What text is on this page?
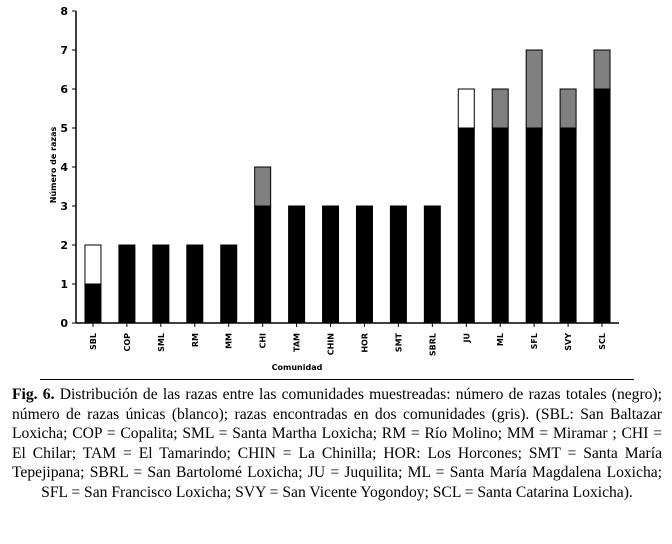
0
1
2
3
4
5
6
7
8
SBL	COP	SML	RM	MM	CHI	TAM	CHIN	HOR	SMT	SBRL	JU	ML	SFL	SVY	SCL
Número de razas
Comunidad
Fig. 6. Distribución de las razas entre las comunidades muestreadas: número de razas totales (negro); número de razas únicas (blanco); razas encontradas en dos comunidades (gris). (SBL: San Baltazar Loxicha; COP = Copalita; SML = Santa Martha Loxicha; RM = Río Molino; MM = Miramar ; CHI = El Chilar; TAM = El Tamarindo; CHIN = La Chinilla; HOR: Los Horcones; SMT = Santa María Tepejipana; SBRL = San Bartolomé Loxicha; JU = Juquilita; ML = Santa María Magdalena Loxicha; SFL = San Francisco Loxicha; SVY = San Vicente Yogondoy; SCL = Santa Catarina Loxicha).
